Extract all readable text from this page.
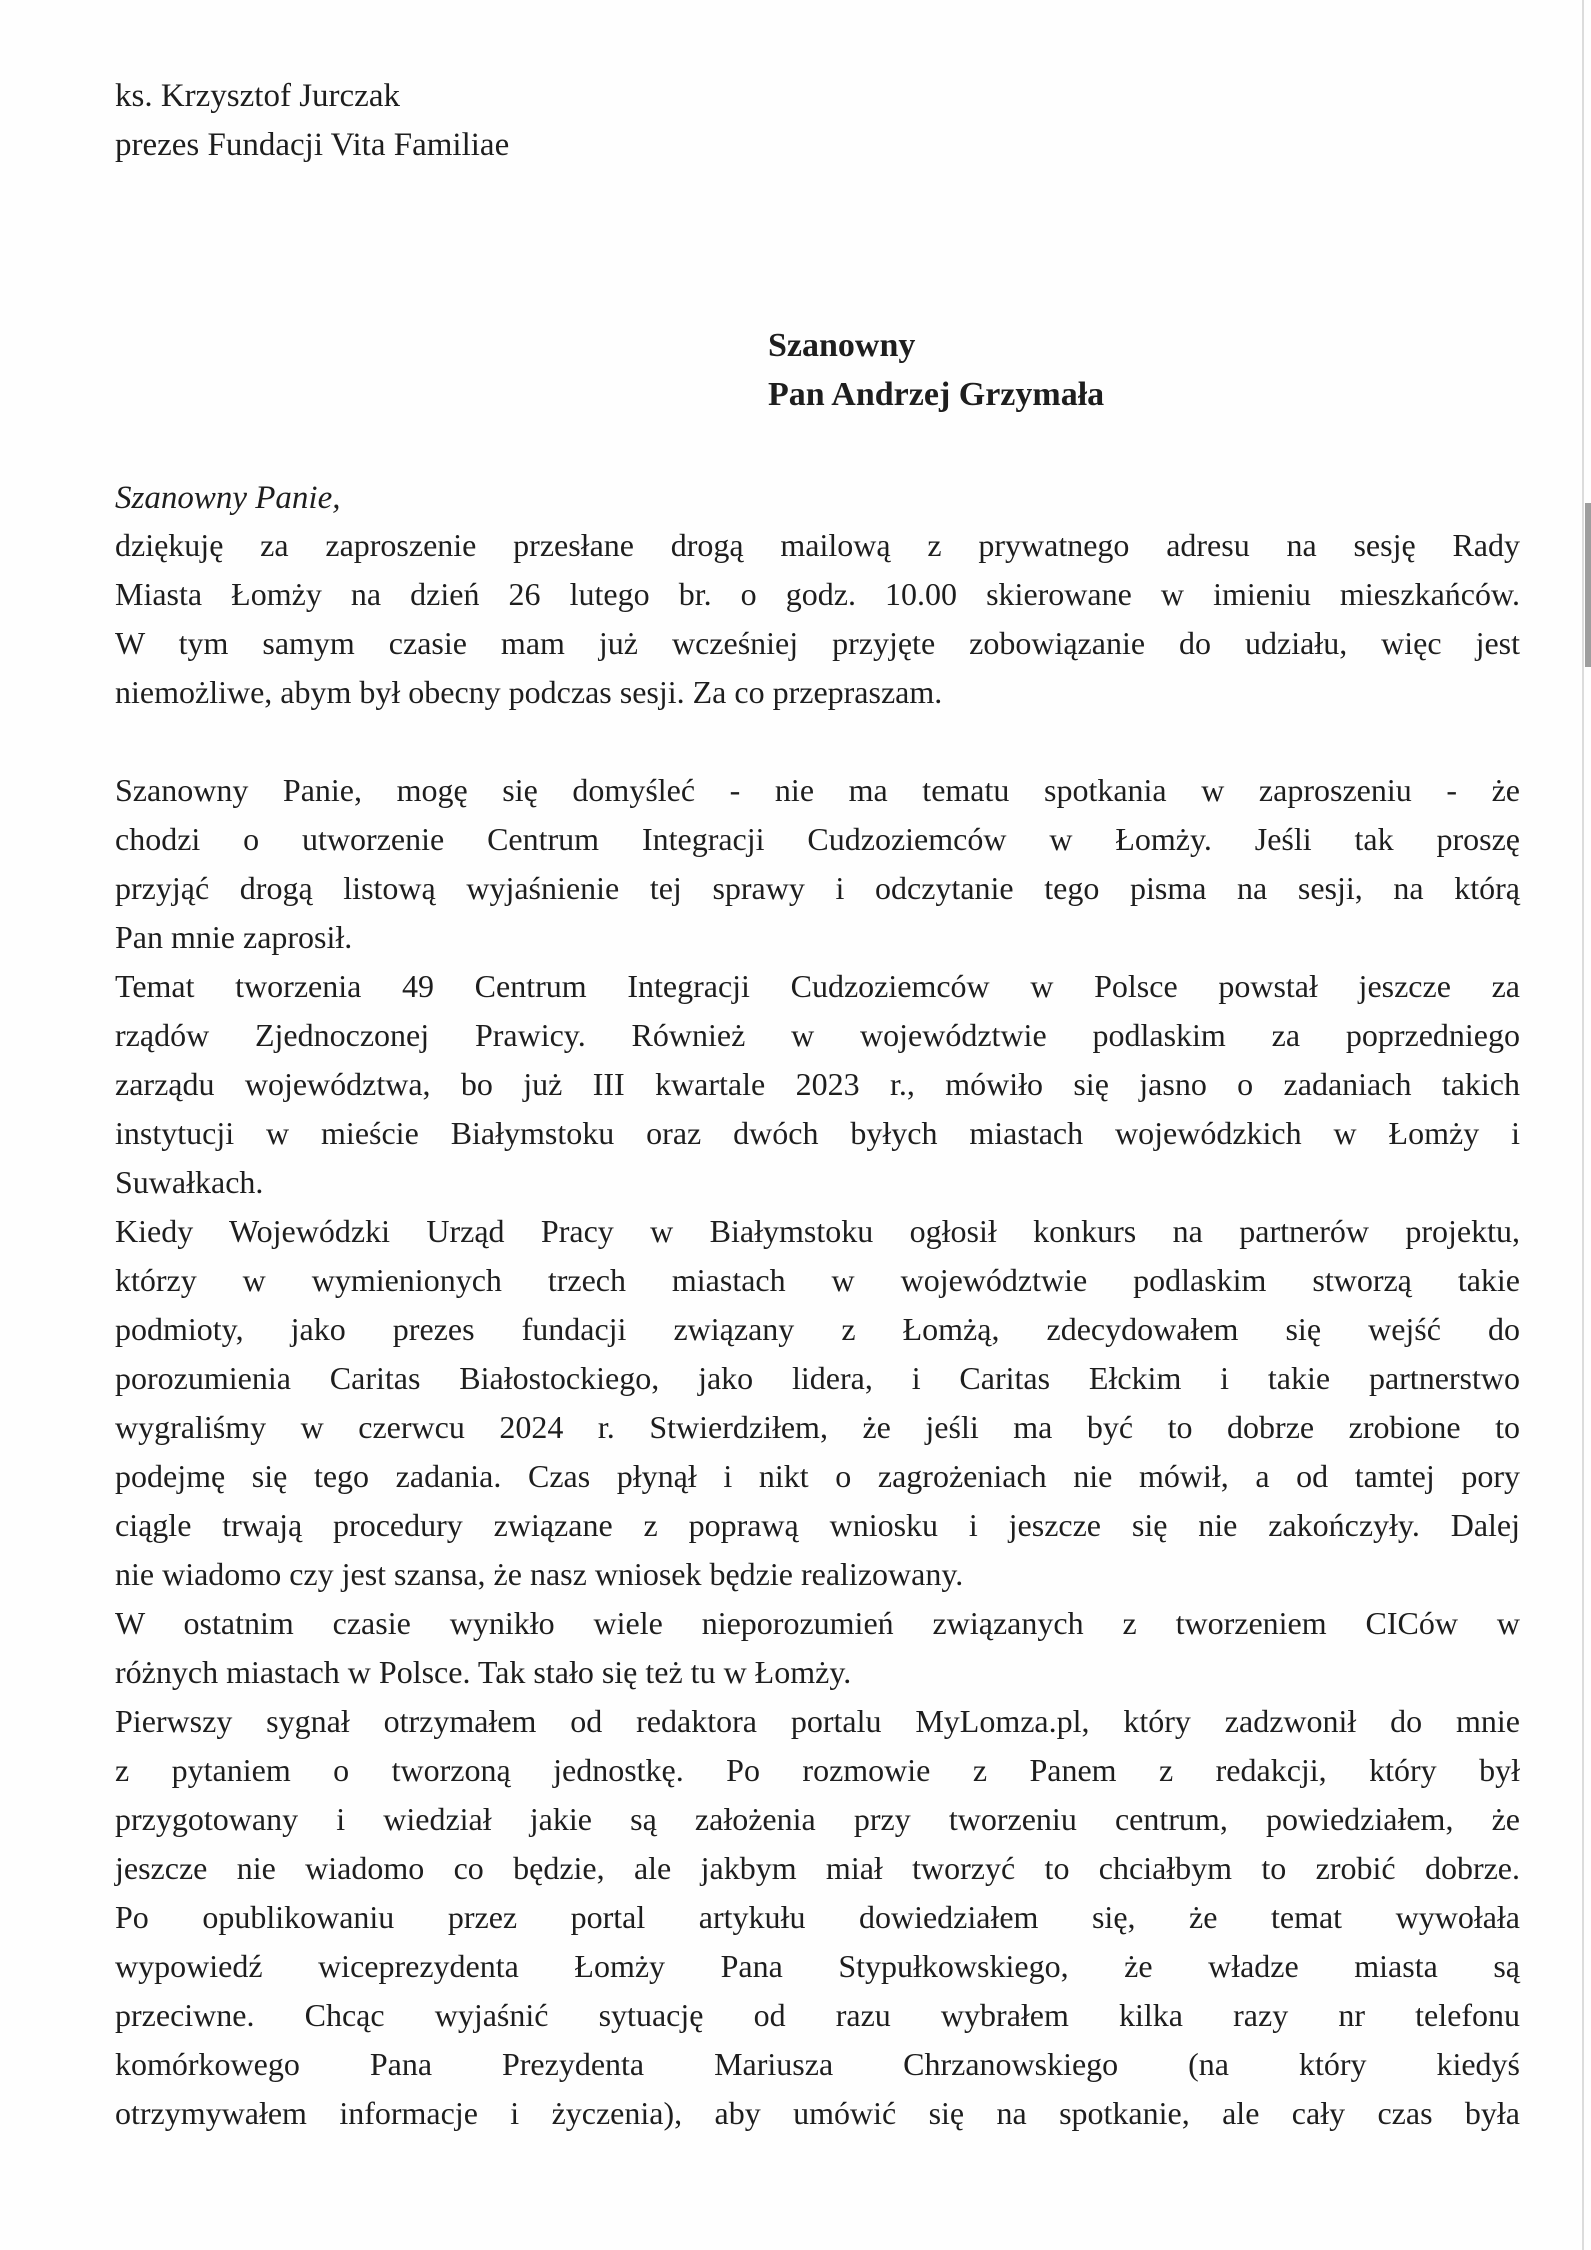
ks. Krzysztof Jurczak
prezes Fundacji Vita Familiae
Szanowny
Pan Andrzej Grzymała
Szanowny Panie,
dziękuję za zaproszenie przesłane drogą mailową z prywatnego adresu na sesję Rady
Miasta Łomży na dzień 26 lutego br. o godz. 10.00 skierowane w imieniu mieszkańców.
W tym samym czasie mam już wcześniej przyjęte zobowiązanie do udziału, więc jest
niemożliwe, abym był obecny podczas sesji. Za co przepraszam.
Szanowny Panie, mogę się domyśleć - nie ma tematu spotkania w zaproszeniu - że
chodzi o utworzenie Centrum Integracji Cudzoziemców w Łomży. Jeśli tak proszę
przyjąć drogą listową wyjaśnienie tej sprawy i odczytanie tego pisma na sesji, na którą
Pan mnie zaprosił.
Temat tworzenia 49 Centrum Integracji Cudzoziemców w Polsce powstał jeszcze za
rządów Zjednoczonej Prawicy. Również w województwie podlaskim za poprzedniego
zarządu województwa, bo już III kwartale 2023 r., mówiło się jasno o zadaniach takich
instytucji w mieście Białymstoku oraz dwóch byłych miastach wojewódzkich w Łomży i
Suwałkach.
Kiedy Wojewódzki Urząd Pracy w Białymstoku ogłosił konkurs na partnerów projektu,
którzy w wymienionych trzech miastach w województwie podlaskim stworzą takie
podmioty, jako prezes fundacji związany z Łomżą, zdecydowałem się wejść do
porozumienia Caritas Białostockiego, jako lidera, i Caritas Ełckim i takie partnerstwo
wygraliśmy w czerwcu 2024 r. Stwierdziłem, że jeśli ma być to dobrze zrobione to
podejmę się tego zadania. Czas płynął i nikt o zagrożeniach nie mówił, a od tamtej pory
ciągle trwają procedury związane z poprawą wniosku i jeszcze się nie zakończyły. Dalej
nie wiadomo czy jest szansa, że nasz wniosek będzie realizowany.
W ostatnim czasie wynikło wiele nieporozumień związanych z tworzeniem CICów w
różnych miastach w Polsce. Tak stało się też tu w Łomży.
Pierwszy sygnał otrzymałem od redaktora portalu MyLomza.pl, który zadzwonił do mnie
z pytaniem o tworzoną jednostkę. Po rozmowie z Panem z redakcji, który był
przygotowany i wiedział jakie są założenia przy tworzeniu centrum, powiedziałem, że
jeszcze nie wiadomo co będzie, ale jakbym miał tworzyć to chciałbym to zrobić dobrze.
Po opublikowaniu przez portal artykułu dowiedziałem się, że temat wywołała
wypowiedź wiceprezydenta Łomży Pana Stypułkowskiego, że władze miasta są
przeciwne. Chcąc wyjaśnić sytuację od razu wybrałem kilka razy nr telefonu
komórkowego Pana Prezydenta Mariusza Chrzanowskiego (na który kiedyś
otrzymywałem informacje i życzenia), aby umówić się na spotkanie, ale cały czas była
